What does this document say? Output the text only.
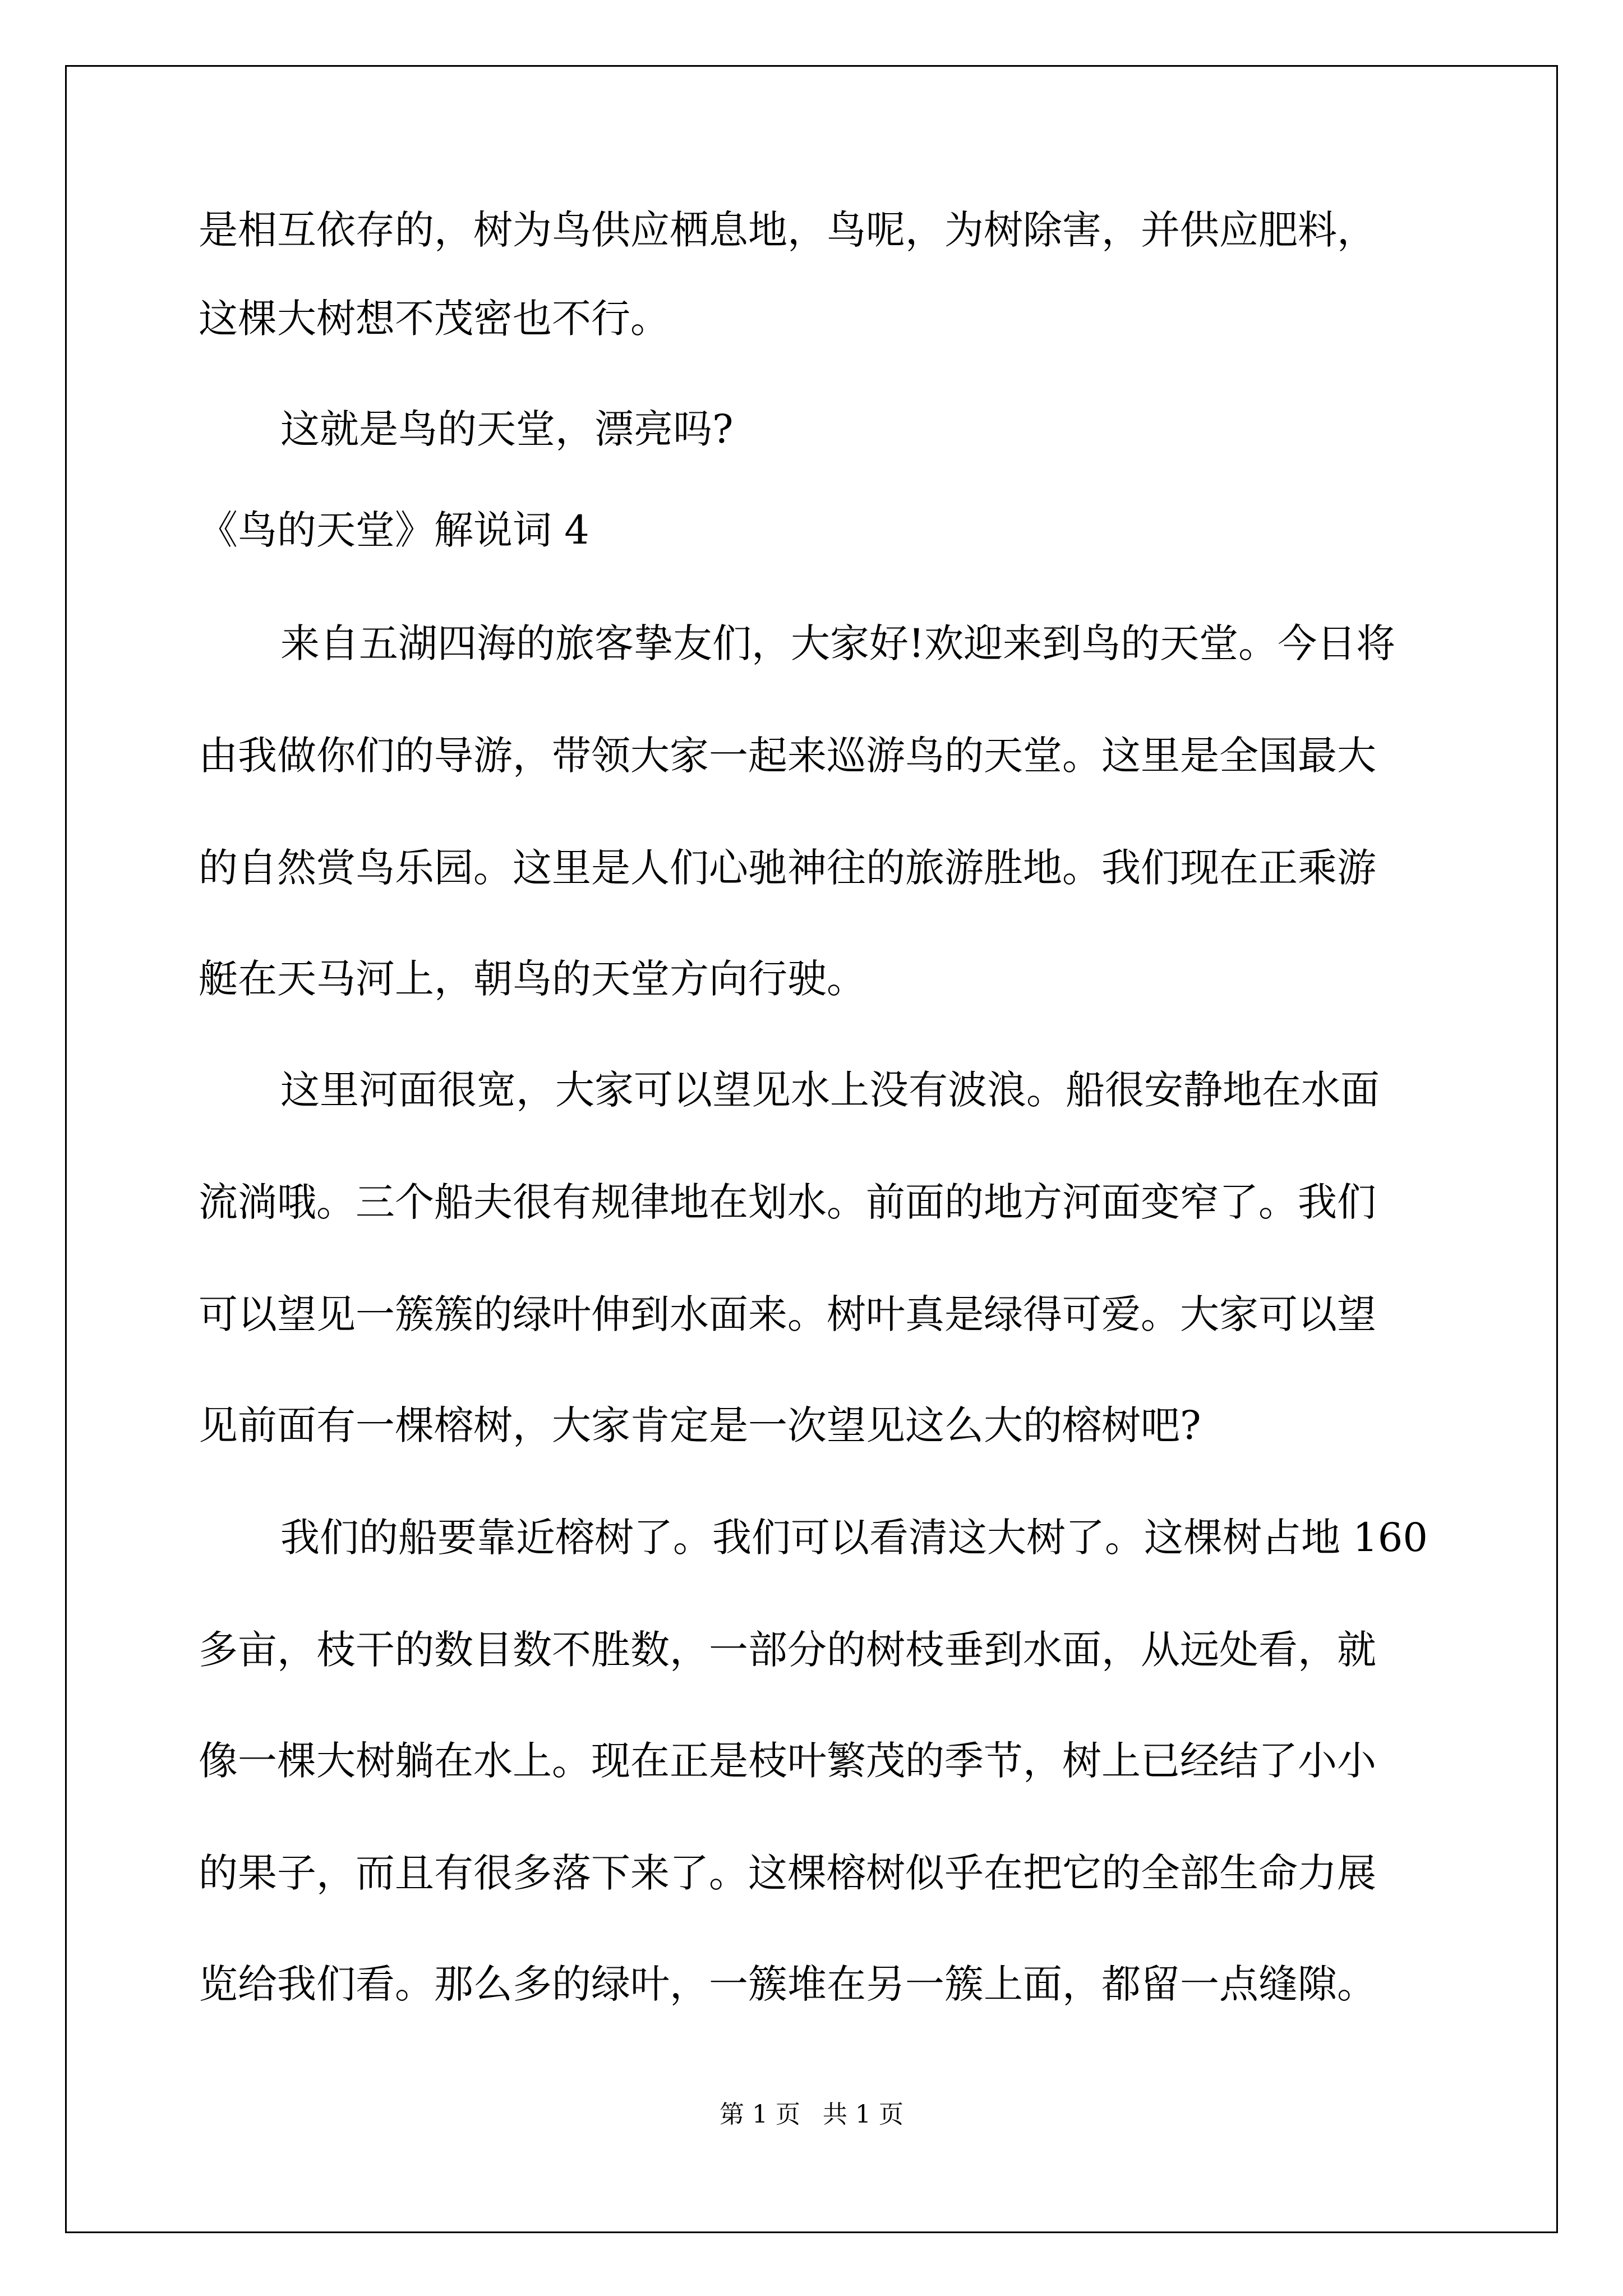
是相互依存的，树为鸟供应栖息地，鸟呢，为树除害，并供应肥料，
这棵大树想不茂密也不行。
这就是鸟的天堂，漂亮吗?
《鸟的天堂》解说词 4
来自五湖四海的旅客挚友们，大家好!欢迎来到鸟的天堂。今日将
由我做你们的导游，带领大家一起来巡游鸟的天堂。这里是全国最大
的自然赏鸟乐园。这里是人们心驰神往的旅游胜地。我们现在正乘游
艇在天马河上，朝鸟的天堂方向行驶。
这里河面很宽，大家可以望见水上没有波浪。船很安静地在水面
流淌哦。三个船夫很有规律地在划水。前面的地方河面变窄了。我们
可以望见一簇簇的绿叶伸到水面来。树叶真是绿得可爱。大家可以望
见前面有一棵榕树，大家肯定是一次望见这么大的榕树吧?
我们的船要靠近榕树了。我们可以看清这大树了。这棵树占地 160
多亩，枝干的数目数不胜数，一部分的树枝垂到水面，从远处看，就
像一棵大树躺在水上。现在正是枝叶繁茂的季节，树上已经结了小小
的果子，而且有很多落下来了。这棵榕树似乎在把它的全部生命力展
览给我们看。那么多的绿叶，一簇堆在另一簇上面，都留一点缝隙。
第 1 页 共 1 页
